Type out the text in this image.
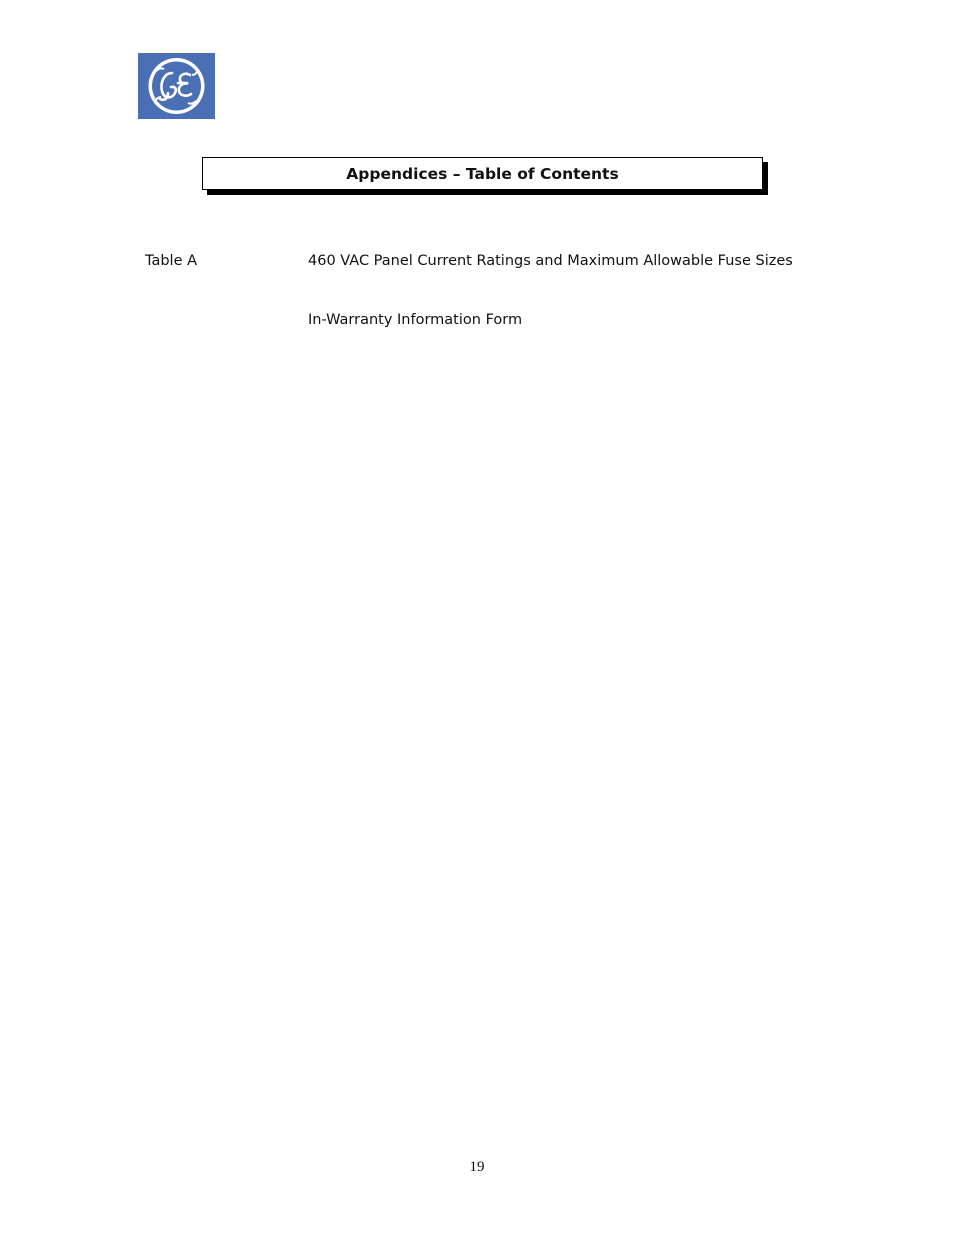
Appendices – Table of Contents
Table A	460 VAC Panel Current Ratings and Maximum Allowable Fuse Sizes
In-Warranty Information Form
19
